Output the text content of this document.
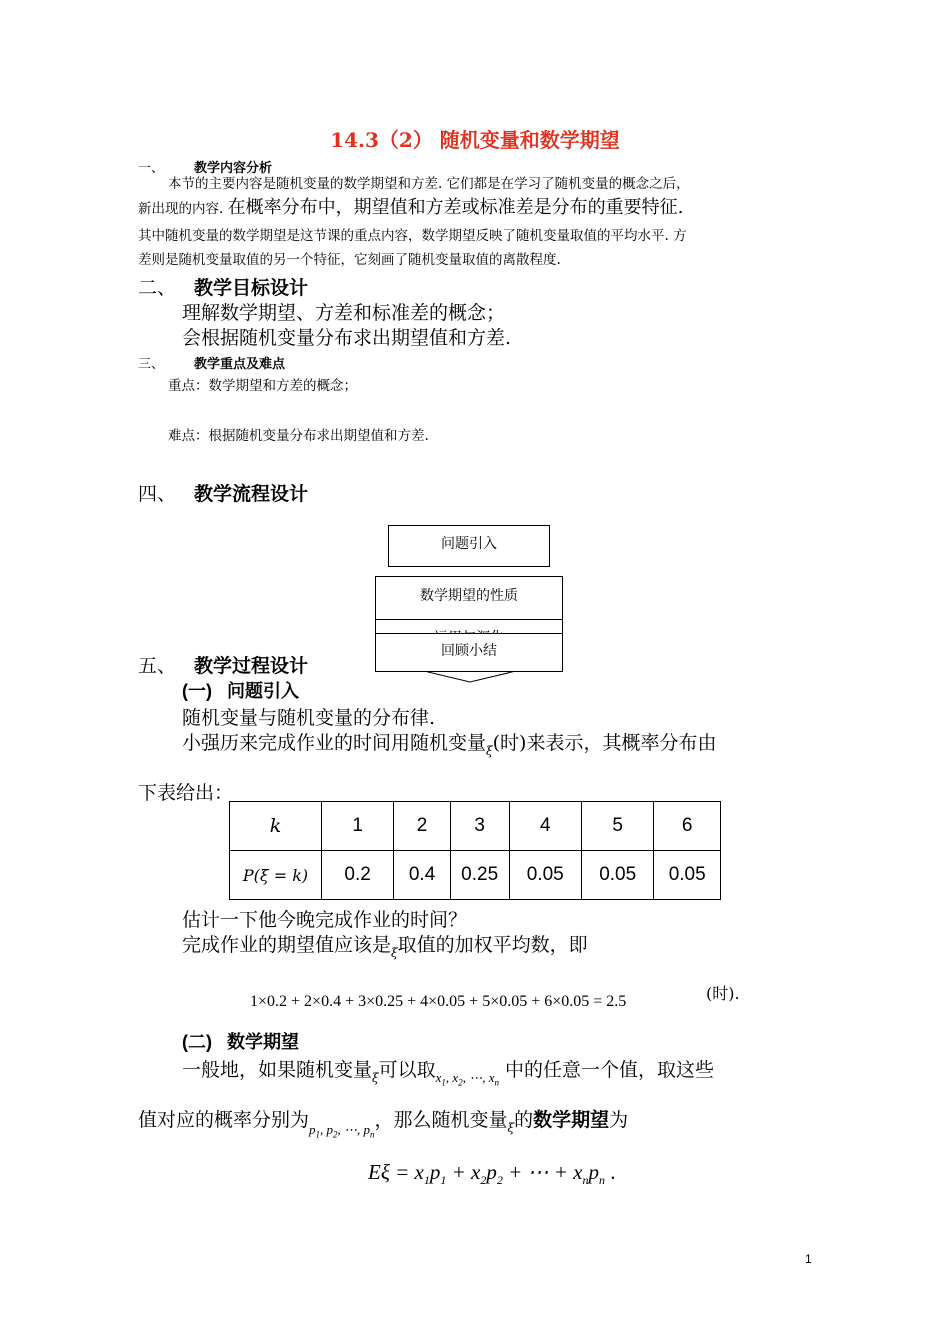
14.3（2） 随机变量和数学期望
一、 教学内容分析
本节的主要内容是随机变量的数学期望和方差. 它们都是在学习了随机变量的概念之后，
新出现的内容. 在概率分布中，期望值和方差或标准差是分布的重要特征.
其中随机变量的数学期望是这节课的重点内容，数学期望反映了随机变量取值的平均水平. 方
差则是随机变量取值的另一个特征，它刻画了随机变量取值的离散程度.
二、 教学目标设计
理解数学期望、方差和标准差的概念；
会根据随机变量分布求出期望值和方差.
三、 教学重点及难点
重点：数学期望和方差的概念；
难点：根据随机变量分布求出期望值和方差.
四、 教学流程设计
问题引入
数学期望的性质
回顾小结
五、 教学过程设计
(一) 问题引入
随机变量与随机变量的分布律.
小强历来完成作业的时间用随机变量$_\xi$(时)来表示，其概率分布由
下表给出：
k	1	2	3	4	5	6
P(ξ = k)	0.2	0.4	0.25	0.05	0.05	0.05
估计一下他今晚完成作业的时间？
完成作业的期望值应该是$_\xi$取值的加权平均数，即
1×0.2 + 2×0.4 + 3×0.25 + 4×0.05 + 5×0.05 + 6×0.05 = 2.5	(时).
(二) 数学期望
一般地，如果随机变量$_\xi$可以取$_{x_1, x_2, \cdots, x_n}$ 中的任意一个值，取这些
值对应的概率分别为$_{p_1, p_2, \cdots, p_n}$，那么随机变量$_\xi$的数学期望为
$E\xi = x_1p_1 + x_2p_2$ + ⋯ + $x_np_n$ .
1
